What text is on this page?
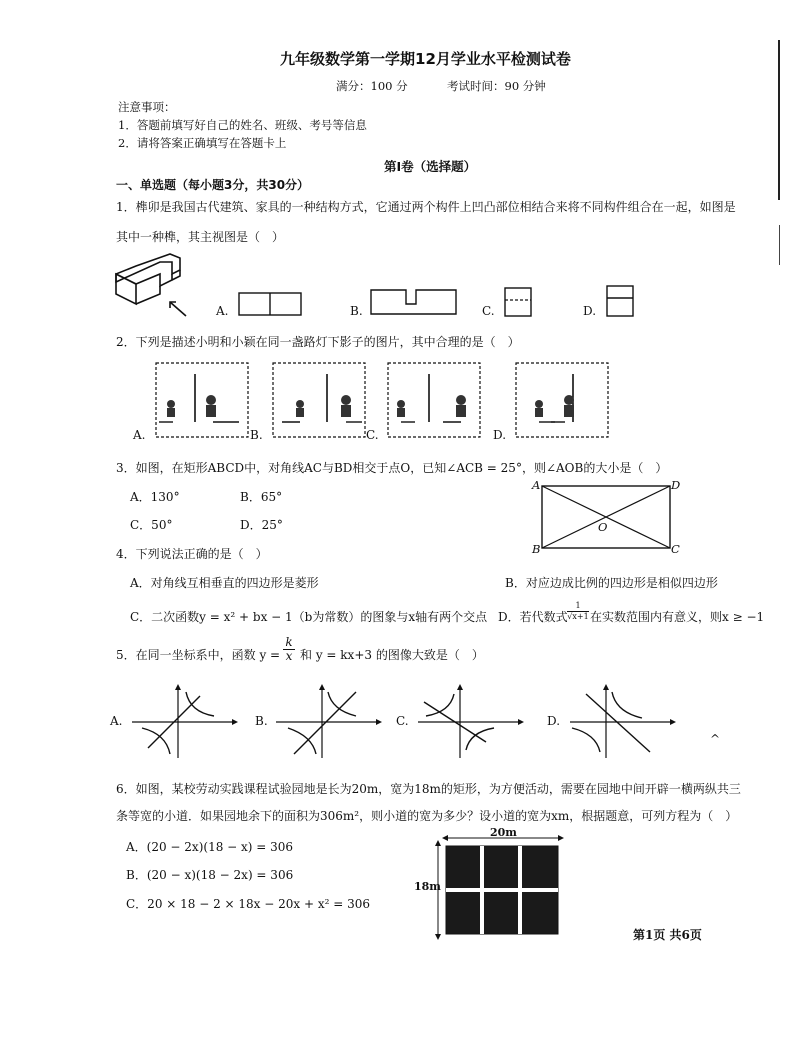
九年级数学第一学期12月学业水平检测试卷
满分：100 分	考试时间：90 分钟
注意事项：
1．答题前填写好自己的姓名、班级、考号等信息
2．请将答案正确填写在答题卡上
第Ⅰ卷（选择题）
一、单选题（每小题3分，共30分）
1．榫卯是我国古代建筑、家具的一种结构方式，它通过两个构件上凹凸部位相结合来将不同构件组合在一起，如图是
其中一种榫，其主视图是（　）
A.	B.	C.	D.
2．下列是描述小明和小颖在同一盏路灯下影子的图片，其中合理的是（　）
A.	B.	C.	D.
3．如图，在矩形ABCD中，对角线AC与BD相交于点O，已知∠ACB = 25°，则∠AOB的大小是（　）
A．130°	B．65°
C．50°	D．25°
A	D
O
B	C
4．下列说法正确的是（　）
A．对角线互相垂直的四边形是菱形	B．对应边成比例的四边形是相似四边形
C．二次函数y = x² + bx − 1（b为常数）的图象与x轴有两个交点 D．若代数式 $\frac{1}{√x+1}$ 在实数范围内有意义，则x ≥ −1
5．在同一坐标系中，函数 y =
k
x 和 y = kx+3 的图像大致是（　）
A.	B.	C.	D.
^
6．如图，某校劳动实践课程试验园地是长为20m，宽为18m的矩形，为方便活动，需要在园地中间开辟一横两纵共三
条等宽的小道．如果园地余下的面积为306m²，则小道的宽为多少？设小道的宽为xm，根据题意，可列方程为（　）
A．(20 − 2x)(18 − x) = 306
B．(20 − x)(18 − 2x) = 306
C．20 × 18 − 2 × 18x − 20x + x² = 306
20m
18m
第1页 共6页
